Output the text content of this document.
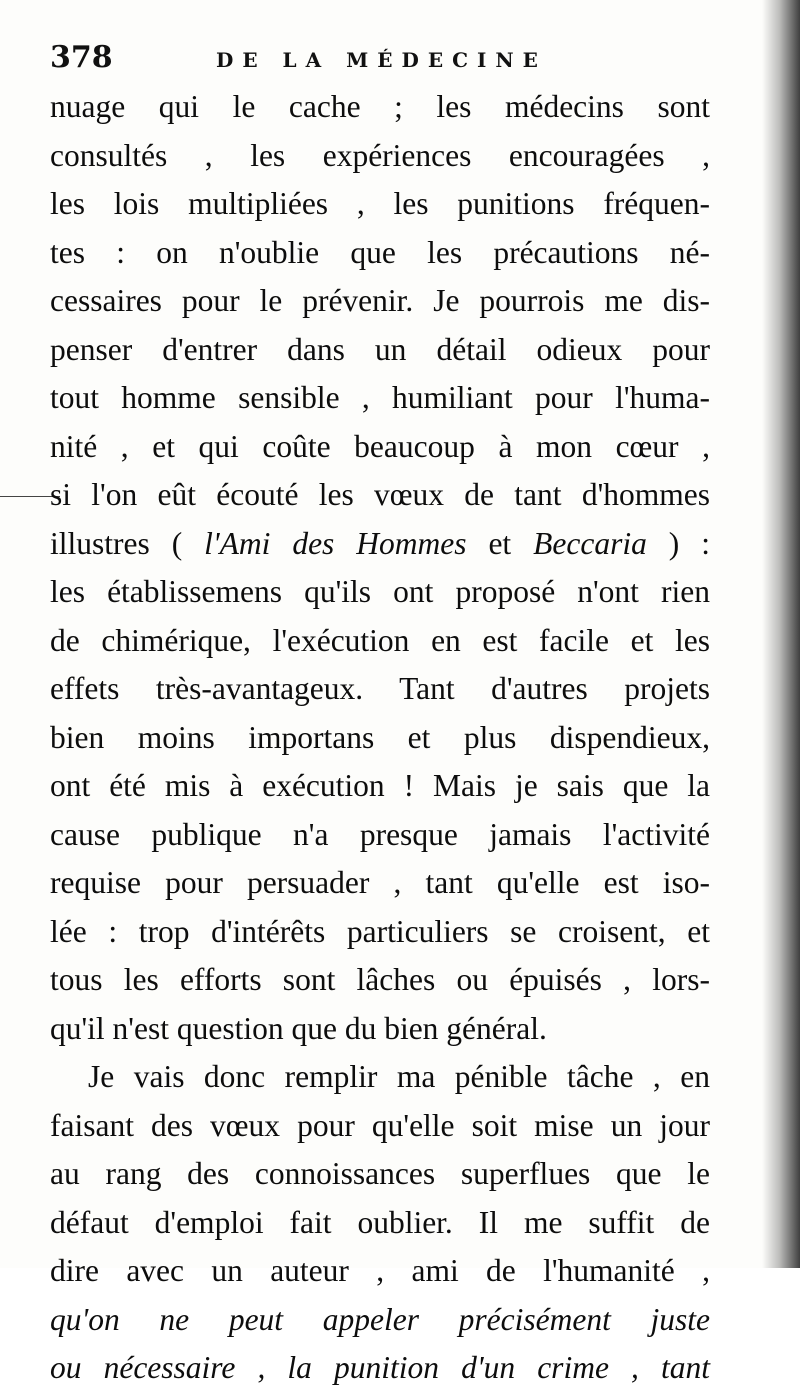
378	DE LA MÉDECINE
nuage qui le cache ; les médecins sont
consultés , les expériences encouragées ,
les lois multipliées , les punitions fréquen-
tes : on n'oublie que les précautions né-
cessaires pour le prévenir. Je pourrois me dis-
penser d'entrer dans un détail odieux pour
tout homme sensible , humiliant pour l'huma-
nité , et qui coûte beaucoup à mon cœur ,
si l'on eût écouté les vœux de tant d'hommes
illustres ( l'Ami des Hommes et Beccaria ) :
les établissemens qu'ils ont proposé n'ont rien
de chimérique, l'exécution en est facile et les
effets très-avantageux. Tant d'autres projets
bien moins importans et plus dispendieux,
ont été mis à exécution ! Mais je sais que la
cause publique n'a presque jamais l'activité
requise pour persuader , tant qu'elle est iso-
lée : trop d'intérêts particuliers se croisent, et
tous les efforts sont lâches ou épuisés , lors-
qu'il n'est question que du bien général.
Je vais donc remplir ma pénible tâche , en
faisant des vœux pour qu'elle soit mise un jour
au rang des connoissances superflues que le
défaut d'emploi fait oublier. Il me suffit de
dire avec un auteur , ami de l'humanité ,
qu'on ne peut appeler précisément juste
ou nécessaire , la punition d'un crime , tant
